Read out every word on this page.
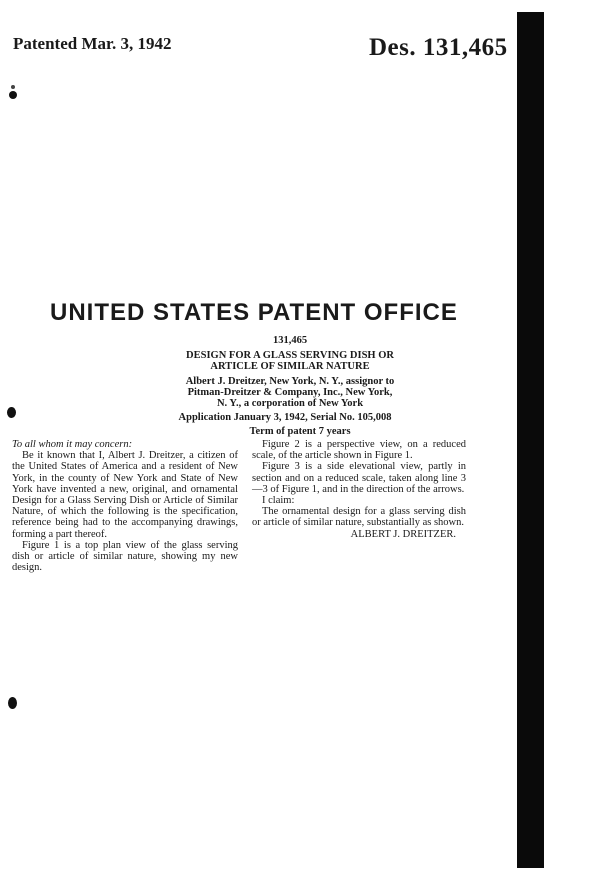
Patented Mar. 3, 1942	Des. 131,465
UNITED STATES PATENT OFFICE
131,465
DESIGN FOR A GLASS SERVING DISH OR
ARTICLE OF SIMILAR NATURE
Albert J. Dreitzer, New York, N. Y., assignor to
Pitman-Dreitzer & Company, Inc., New York,
N. Y., a corporation of New York
Application January 3, 1942, Serial No. 105,008
Term of patent 7 years

To all whom it may concern:

Be it known that I, Albert J. Dreitzer, a citizen of the United States of America and a resident of New York, in the county of New York and State of New York have invented a new, original, and ornamental Design for a Glass Serving Dish or Article of Similar Nature, of which the following is the specification, reference being had to the accompanying drawings, forming a part thereof.

Figure 1 is a top plan view of the glass serving dish or article of similar nature, showing my new design.

Figure 2 is a perspective view, on a reduced scale, of the article shown in Figure 1.

Figure 3 is a side elevational view, partly in section and on a reduced scale, taken along line 3—3 of Figure 1, and in the direction of the arrows.

I claim:

The ornamental design for a glass serving dish or article of similar nature, substantially as shown.

ALBERT J. DREITZER.
